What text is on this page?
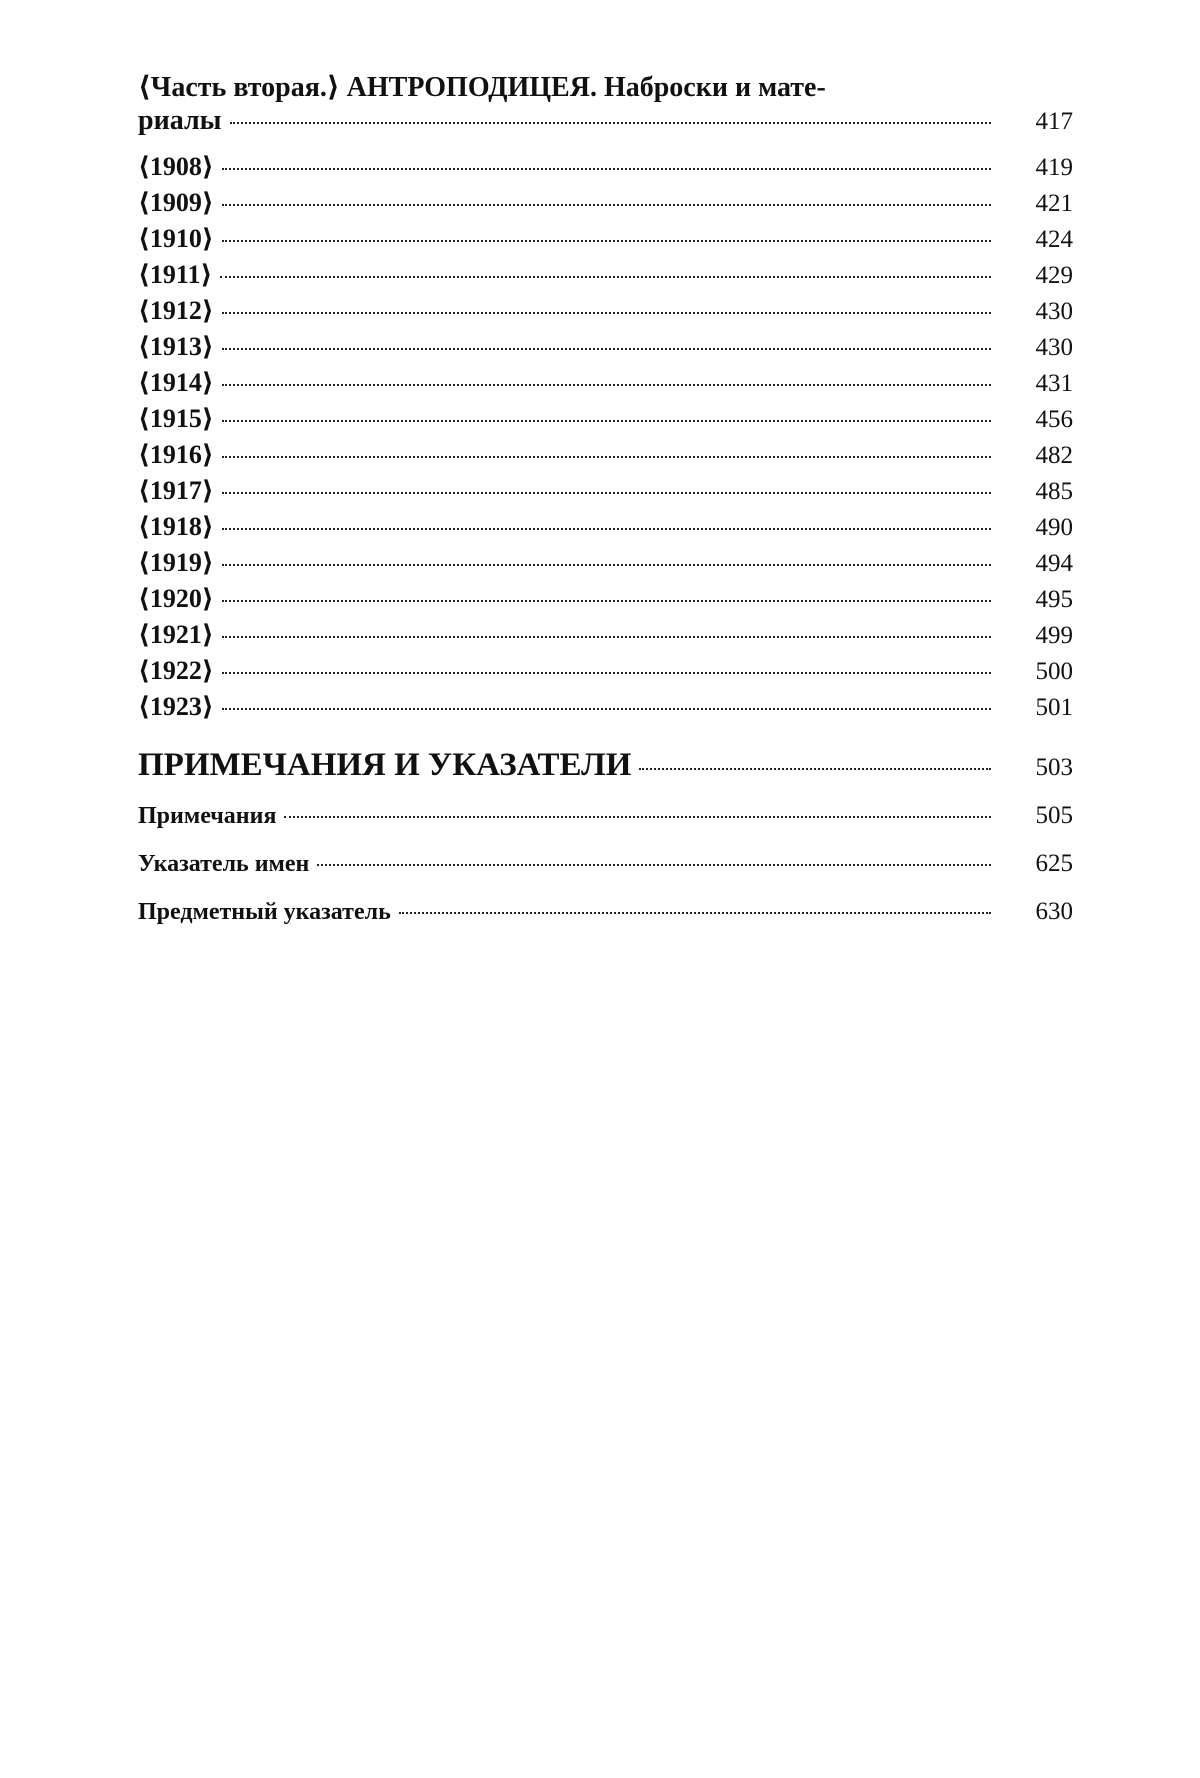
⟨Часть вторая.⟩ АНТРОПОДИЦЕЯ. Наброски и мате-
риалы	417
⟨1908⟩	419
⟨1909⟩	421
⟨1910⟩	424
⟨1911⟩	429
⟨1912⟩	430
⟨1913⟩	430
⟨1914⟩	431
⟨1915⟩	456
⟨1916⟩	482
⟨1917⟩	485
⟨1918⟩	490
⟨1919⟩	494
⟨1920⟩	495
⟨1921⟩	499
⟨1922⟩	500
⟨1923⟩	501
ПРИМЕЧАНИЯ И УКАЗАТЕЛИ	503
Примечания	505
Указатель имен	625
Предметный указатель	630
